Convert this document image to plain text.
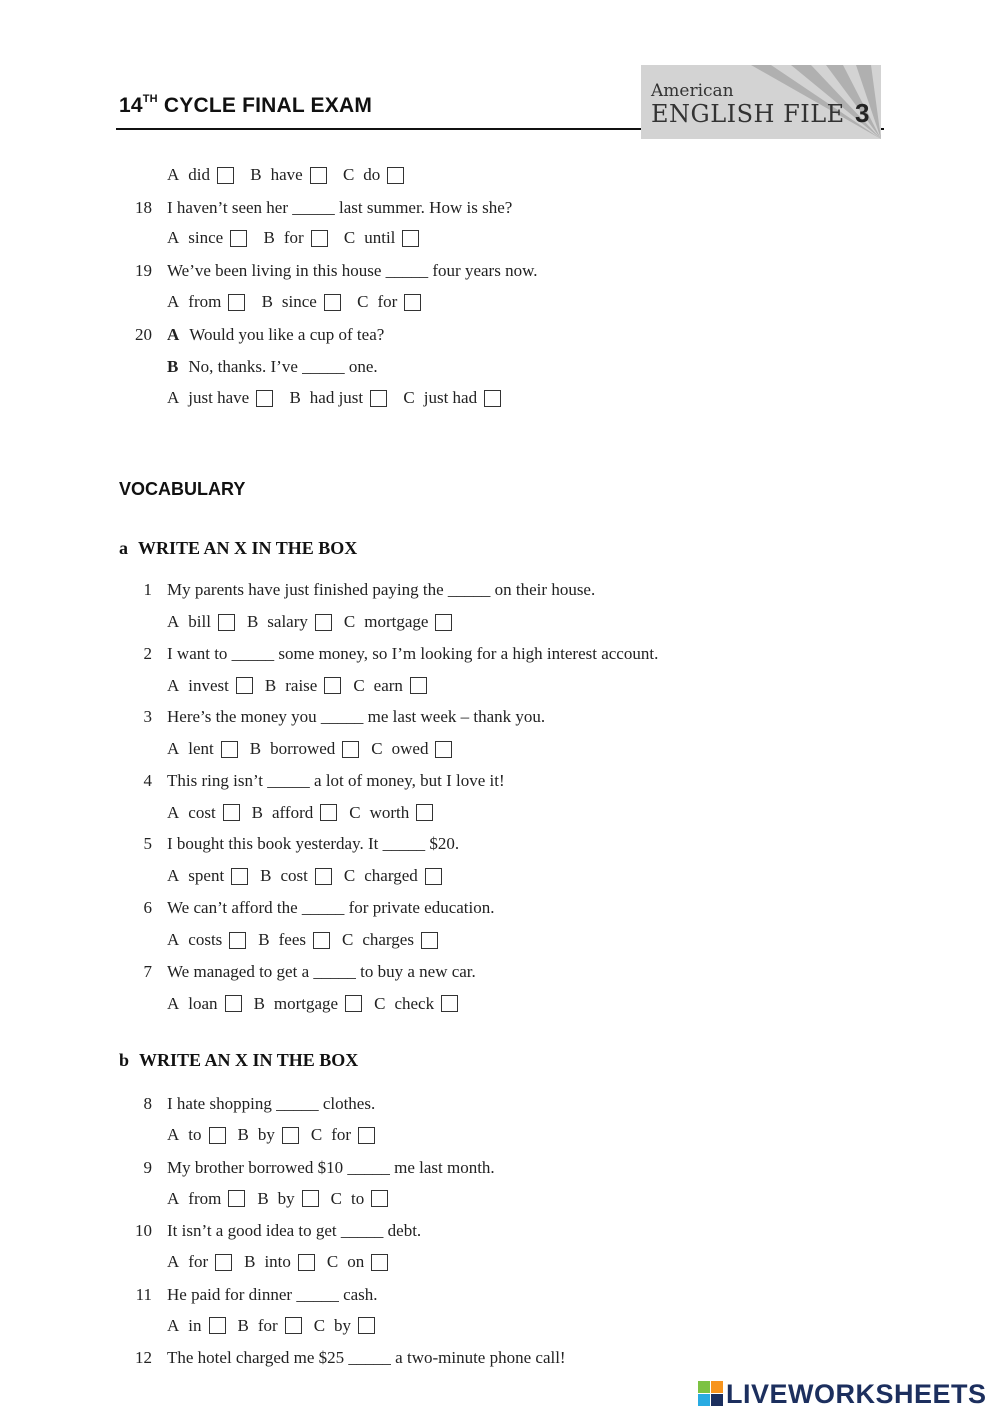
14TH CYCLE FINAL EXAM
American
ENGLISH FILE 3
A did
B have
C do
18 I haven’t seen her _____ last summer. How is she?
A since
B for
C until
19 We’ve been living in this house _____ four years now.
A from
B since
C for
20 A Would you like a cup of tea?
B No, thanks. I’ve _____ one.
A just have
B had just
C just had
VOCABULARY
a WRITE AN X IN THE BOX
1 My parents have just finished paying the _____ on their house.
A bill B salary C mortgage
2 I want to _____ some money, so I’m looking for a high interest account.
A invest B raise C earn
3 Here’s the money you _____ me last week – thank you.
A lent B borrowed C owed
4 This ring isn’t _____ a lot of money, but I love it!
A cost B afford C worth
5 I bought this book yesterday. It _____ $20.
A spent B cost C charged
6 We can’t afford the _____ for private education.
A costs B fees C charges
7 We managed to get a _____ to buy a new car.
A loan B mortgage C check
b WRITE AN X IN THE BOX
8 I hate shopping _____ clothes.
A to B by C for
9 My brother borrowed $10 _____ me last month.
A from B by C to
10 It isn’t a good idea to get _____ debt.
A for B into C on
11 He paid for dinner _____ cash.
A in B for C by
12 The hotel charged me $25 _____ a two-minute phone call!
LIVEWORKSHEETS
